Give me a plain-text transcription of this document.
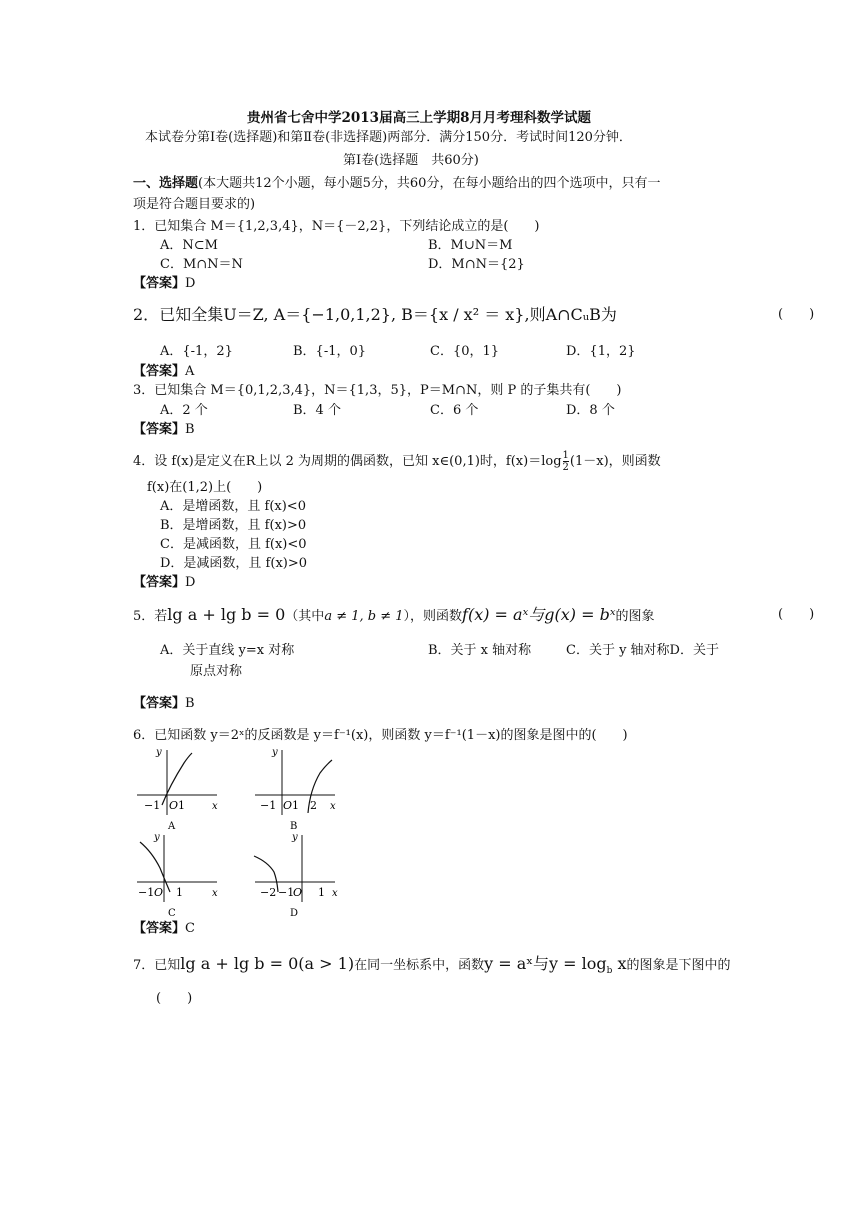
贵州省七舍中学2013届高三上学期8月月考理科数学试题
本试卷分第Ⅰ卷(选择题)和第Ⅱ卷(非选择题)两部分．满分150分．考试时间120分钟．
第Ⅰ卷(选择题　共60分)
一、选择题(本大题共12个小题，每小题5分，共60分，在每小题给出的四个选项中，只有一
项是符合题目要求的)
1．已知集合 M＝{1,2,3,4}，N＝{－2,2}，下列结论成立的是(　　)
A．N⊂M	B．M∪N＝M
C．M∩N＝N	D．M∩N＝{2}
【答案】D
2．已知全集U＝Z, A＝{−1,0,1,2}, B＝{x / x² ＝ x},则A∩CᵤB为	(　　)
A．{-1，2}	B．{-1，0}	C．{0，1}	D．{1，2}
【答案】A
3．已知集合 M＝{0,1,2,3,4}，N＝{1,3，5}，P＝M∩N，则 P 的子集共有(　　)
A．2 个	B．4 个	C．6 个	D．8 个
【答案】B
4．设 f(x)是定义在R上以 2 为周期的偶函数，已知 x∈(0,1)时，$f(x)=\log \frac{1}{2} (1-x)$，则函数
f(x)在(1,2)上(　　)
A．是增函数，且 f(x)<0
B．是增函数，且 f(x)>0
C．是减函数，且 f(x)<0
D．是减函数，且 f(x)>0
【答案】D
5．若lg a + lg b = 0（其中a ≠ 1, b ≠ 1），则函数f(x) = aˣ与g(x) = bˣ的图象	(　　)
A．关于直线 y=x 对称	B．关于 x 轴对称	C．关于 y 轴对称D．关于
原点对称
【答案】B
6．已知函数 y＝2ˣ的反函数是 y＝f⁻¹(x)，则函数 y＝f⁻¹(1－x)的图象是图中的(　　)
−1 O 1	x
y
A
−1 O 1 2 x
y
B
−1 O 1	x
y
C
−2 −1
O 1 x
y
D
【答案】C
7．已知lg a + lg b = 0(a > 1)在同一坐标系中，函数y = aˣ与$y = \log_b x$的图象是下图中的
(　　)
